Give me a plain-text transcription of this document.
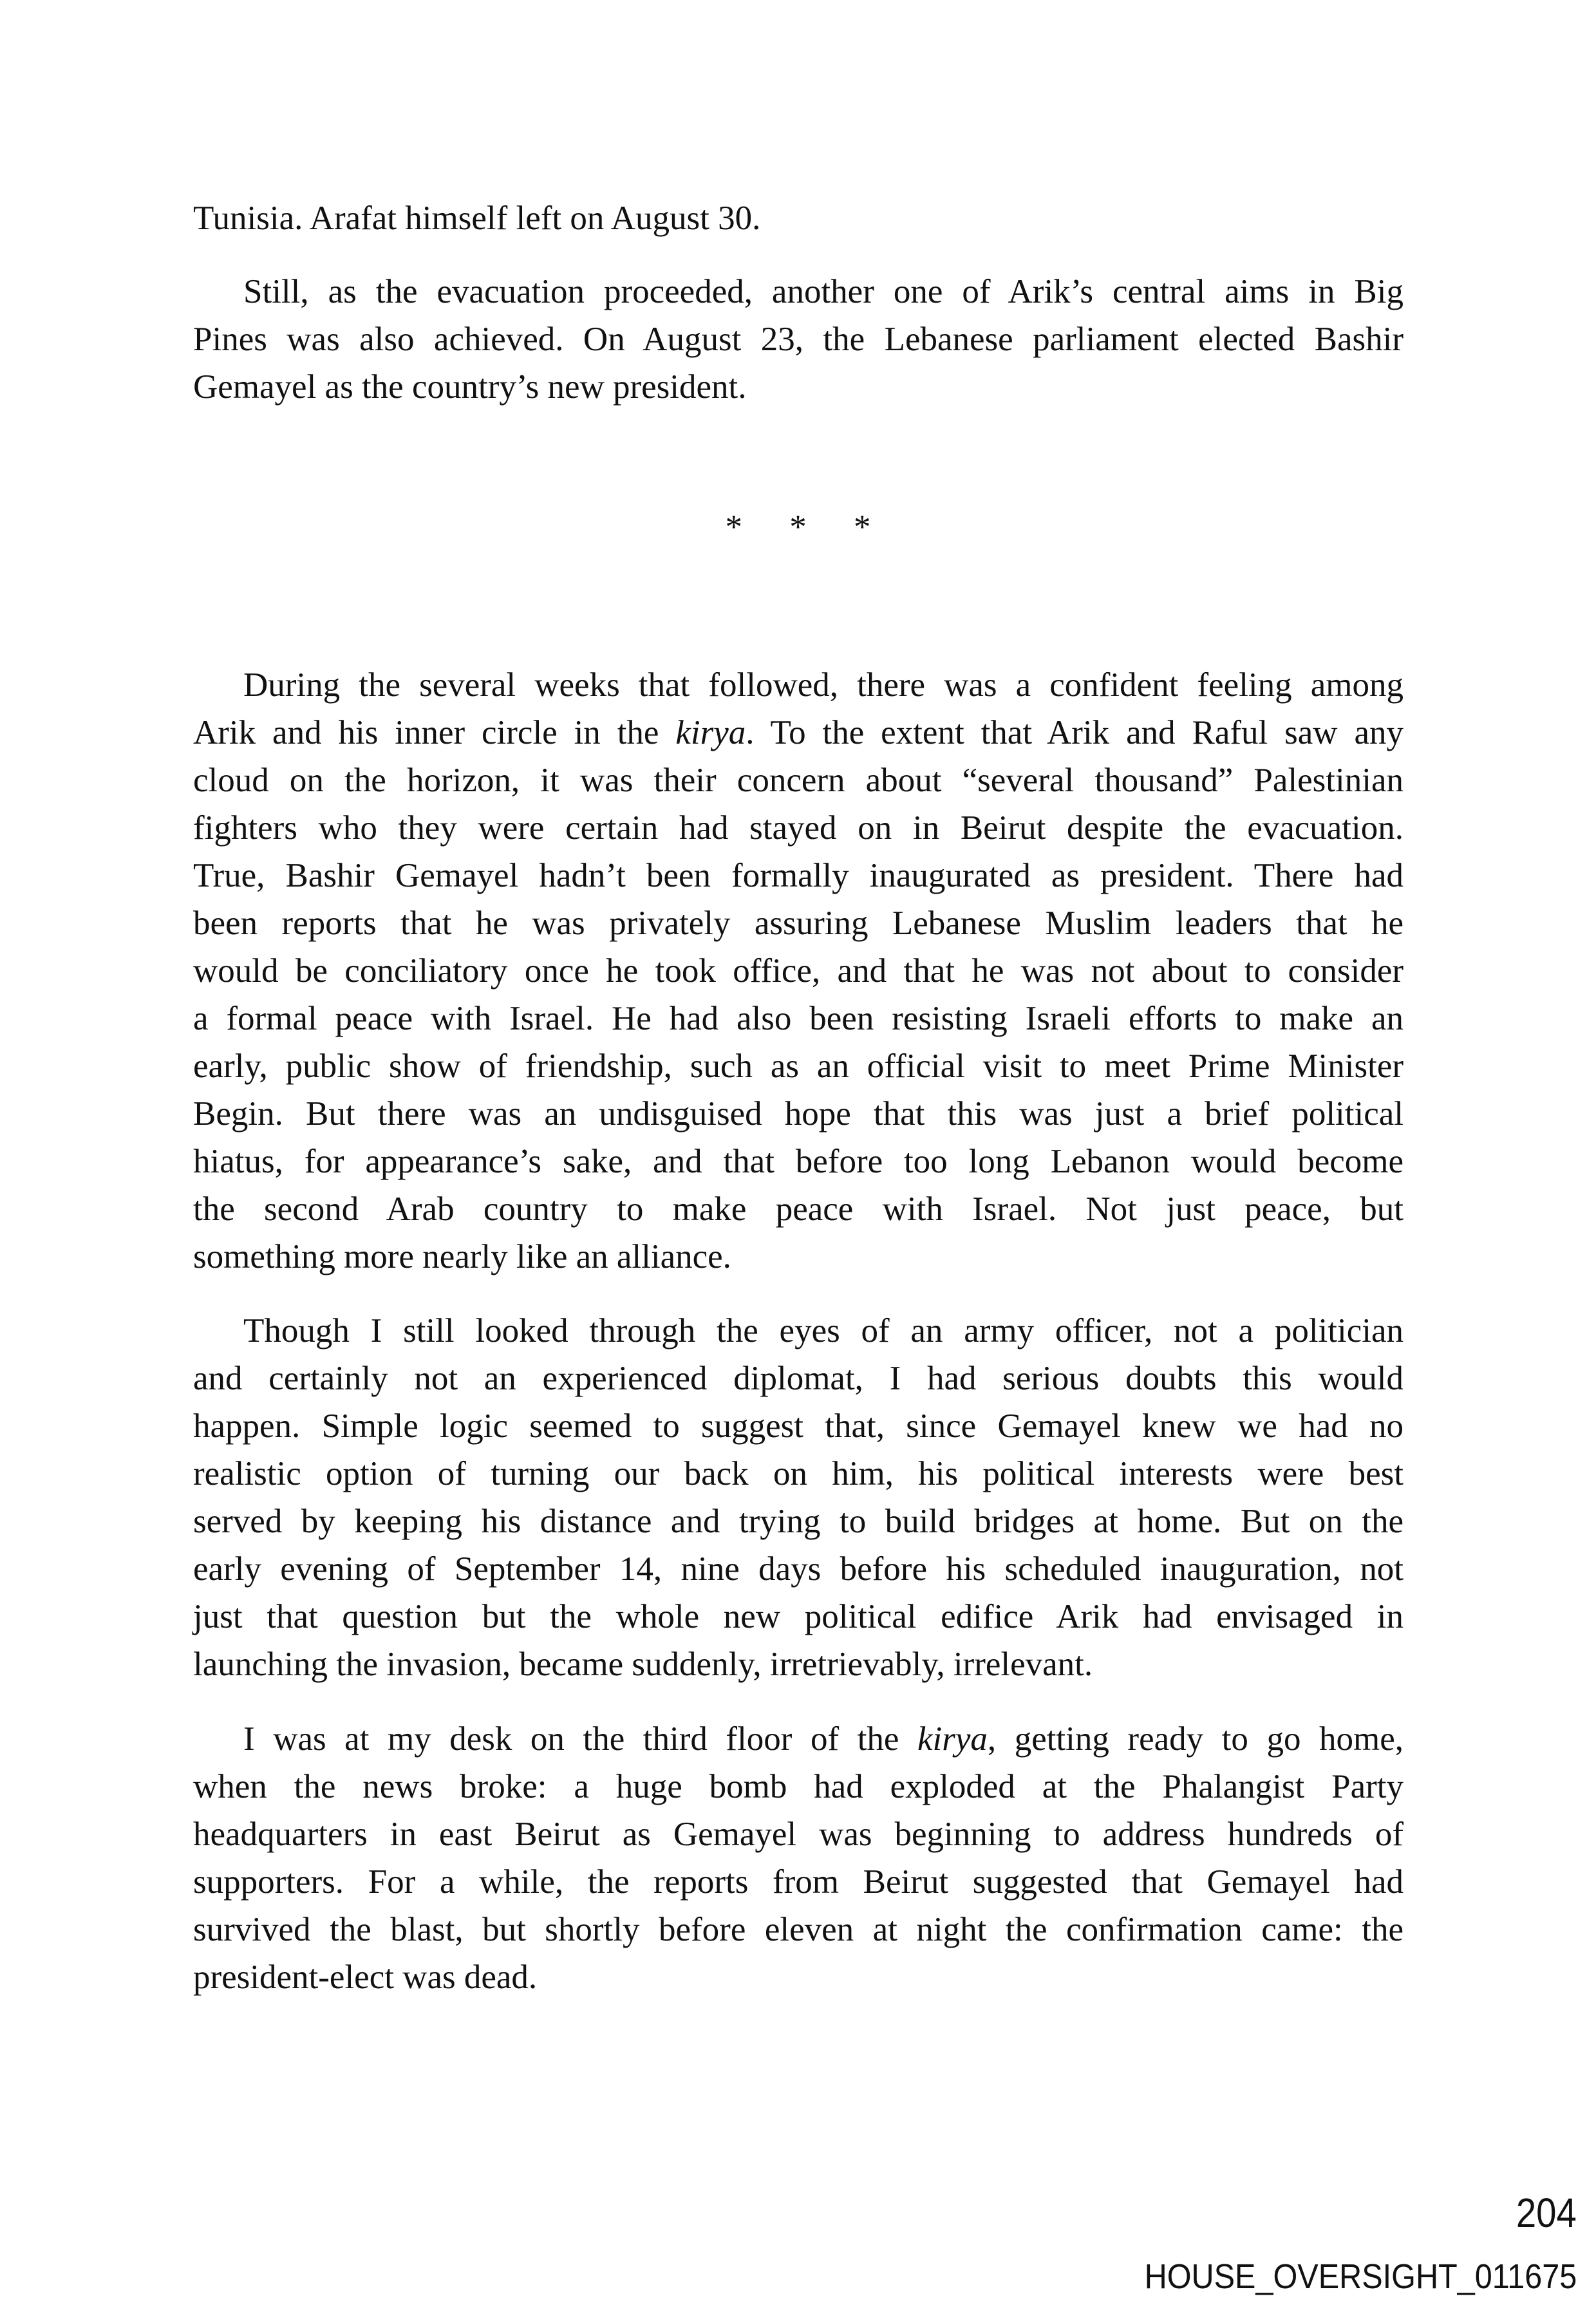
Tunisia. Arafat himself left on August 30.
Still, as the evacuation proceeded, another one of Arik’s central aims in Big
Pines was also achieved. On August 23, the Lebanese parliament elected Bashir
Gemayel as the country’s new president.
* * *
During the several weeks that followed, there was a confident feeling among
Arik and his inner circle in the kirya. To the extent that Arik and Raful saw any
cloud on the horizon, it was their concern about “several thousand” Palestinian
fighters who they were certain had stayed on in Beirut despite the evacuation.
True, Bashir Gemayel hadn’t been formally inaugurated as president. There had
been reports that he was privately assuring Lebanese Muslim leaders that he
would be conciliatory once he took office, and that he was not about to consider
a formal peace with Israel. He had also been resisting Israeli efforts to make an
early, public show of friendship, such as an official visit to meet Prime Minister
Begin. But there was an undisguised hope that this was just a brief political
hiatus, for appearance’s sake, and that before too long Lebanon would become
the second Arab country to make peace with Israel. Not just peace, but
something more nearly like an alliance.
Though I still looked through the eyes of an army officer, not a politician
and certainly not an experienced diplomat, I had serious doubts this would
happen. Simple logic seemed to suggest that, since Gemayel knew we had no
realistic option of turning our back on him, his political interests were best
served by keeping his distance and trying to build bridges at home. But on the
early evening of September 14, nine days before his scheduled inauguration, not
just that question but the whole new political edifice Arik had envisaged in
launching the invasion, became suddenly, irretrievably, irrelevant.
I was at my desk on the third floor of the kirya, getting ready to go home,
when the news broke: a huge bomb had exploded at the Phalangist Party
headquarters in east Beirut as Gemayel was beginning to address hundreds of
supporters. For a while, the reports from Beirut suggested that Gemayel had
survived the blast, but shortly before eleven at night the confirmation came: the
president-elect was dead.
204
HOUSE_OVERSIGHT_011675
